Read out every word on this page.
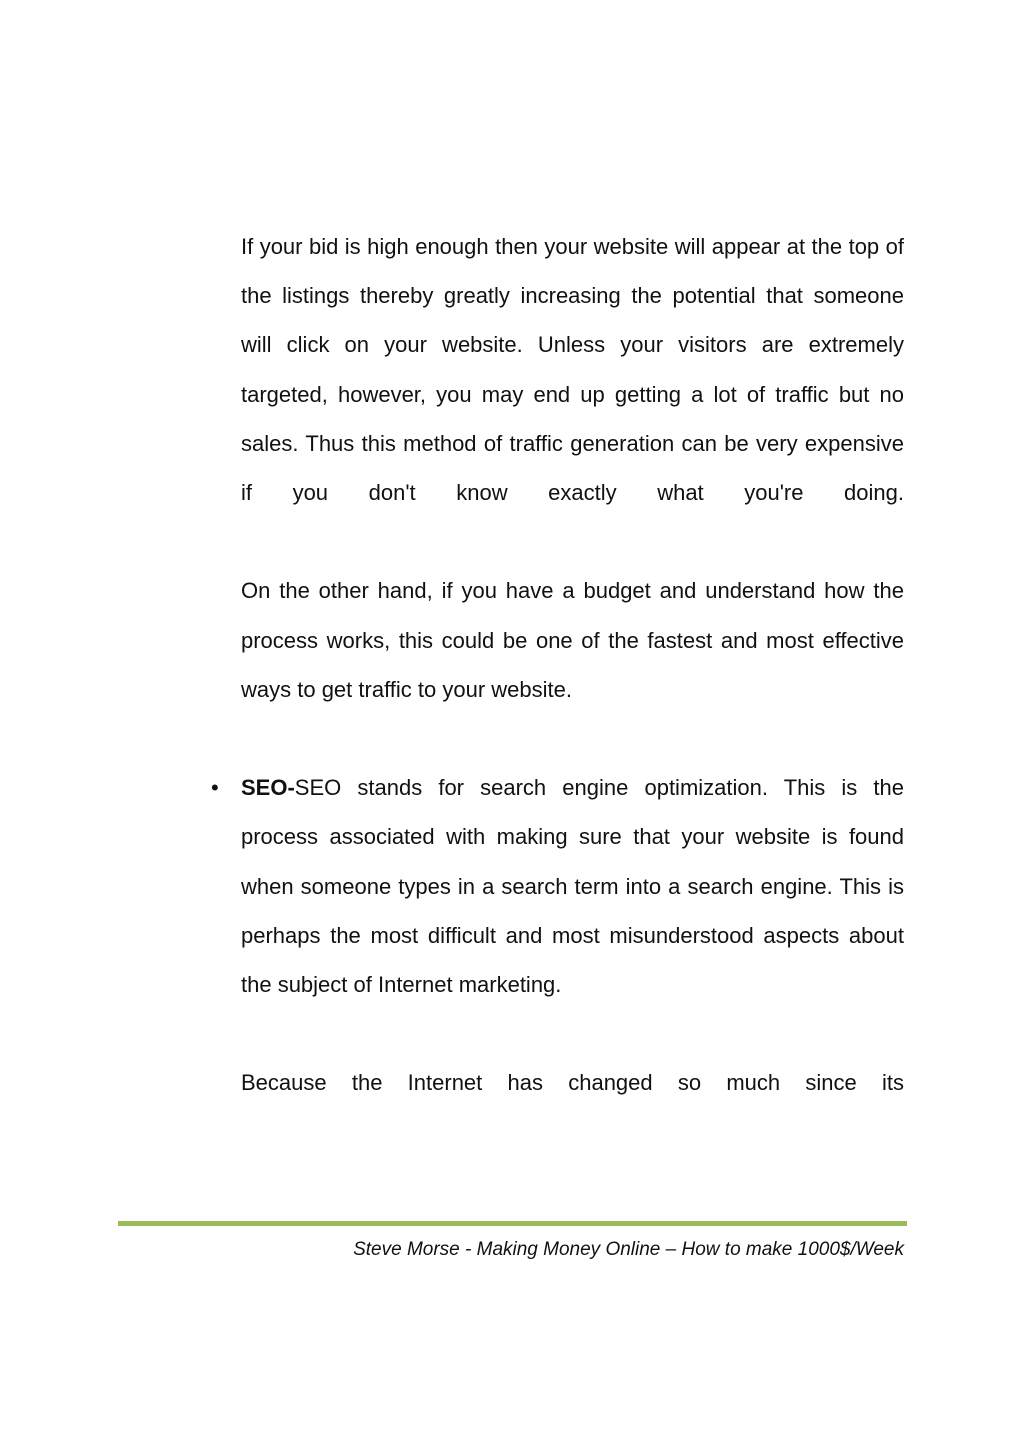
If your bid is high enough then your website will appear at the top of the listings thereby greatly increasing the potential that someone will click on your website. Unless your visitors are extremely targeted, however, you may end up getting a lot of traffic but no sales. Thus this method of traffic generation can be very expensive if you don't know exactly what you're doing.

On the other hand, if you have a budget and understand how the process works, this could be one of the fastest and most effective ways to get traffic to your website.

• SEO-SEO stands for search engine optimization. This is the process associated with making sure that your website is found when someone types in a search term into a search engine. This is perhaps the most difficult and most misunderstood aspects about the subject of Internet marketing.

Because the Internet has changed so much since its

Steve Morse - Making Money Online – How to make 1000$/Week
